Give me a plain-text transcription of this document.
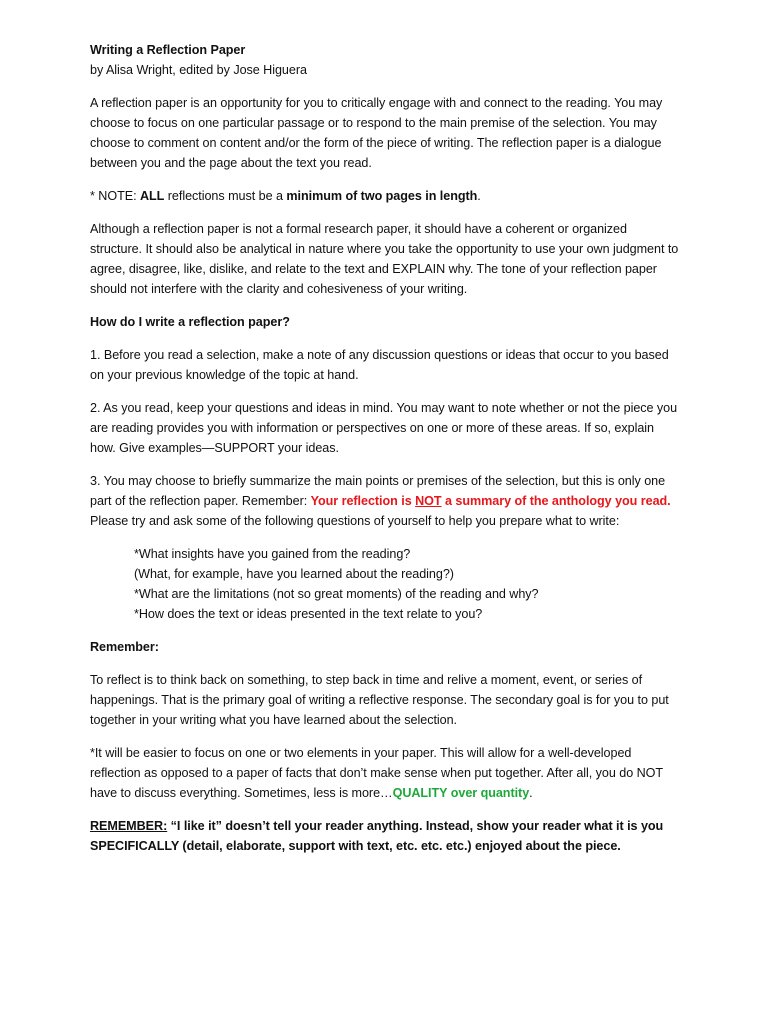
Writing a Reflection Paper

by Alisa Wright, edited by Jose Higuera

A reflection paper is an opportunity for you to critically engage with and connect to the reading. You may choose to focus on one particular passage or to respond to the main premise of the selection. You may choose to comment on content and/or the form of the piece of writing. The reflection paper is a dialogue between you and the page about the text you read.

* NOTE: ALL reflections must be a minimum of two pages in length.

Although a reflection paper is not a formal research paper, it should have a coherent or organized structure. It should also be analytical in nature where you take the opportunity to use your own judgment to agree, disagree, like, dislike, and relate to the text and EXPLAIN why. The tone of your reflection paper should not interfere with the clarity and cohesiveness of your writing.

How do I write a reflection paper?

1. Before you read a selection, make a note of any discussion questions or ideas that occur to you based on your previous knowledge of the topic at hand.

2. As you read, keep your questions and ideas in mind. You may want to note whether or not the piece you are reading provides you with information or perspectives on one or more of these areas. If so, explain how. Give examples—SUPPORT your ideas.

3. You may choose to briefly summarize the main points or premises of the selection, but this is only one part of the reflection paper. Remember: Your reflection is NOT a summary of the anthology you read. Please try and ask some of the following questions of yourself to help you prepare what to write:

*What insights have you gained from the reading?
(What, for example, have you learned about the reading?)
*What are the limitations (not so great moments) of the reading and why?
*How does the text or ideas presented in the text relate to you?

Remember:

To reflect is to think back on something, to step back in time and relive a moment, event, or series of happenings. That is the primary goal of writing a reflective response. The secondary goal is for you to put together in your writing what you have learned about the selection.

*It will be easier to focus on one or two elements in your paper. This will allow for a well-developed reflection as opposed to a paper of facts that don’t make sense when put together. After all, you do NOT have to discuss everything. Sometimes, less is more…QUALITY over quantity.

REMEMBER: “I like it” doesn’t tell your reader anything. Instead, show your reader what it is you SPECIFICALLY (detail, elaborate, support with text, etc. etc. etc.) enjoyed about the piece.
